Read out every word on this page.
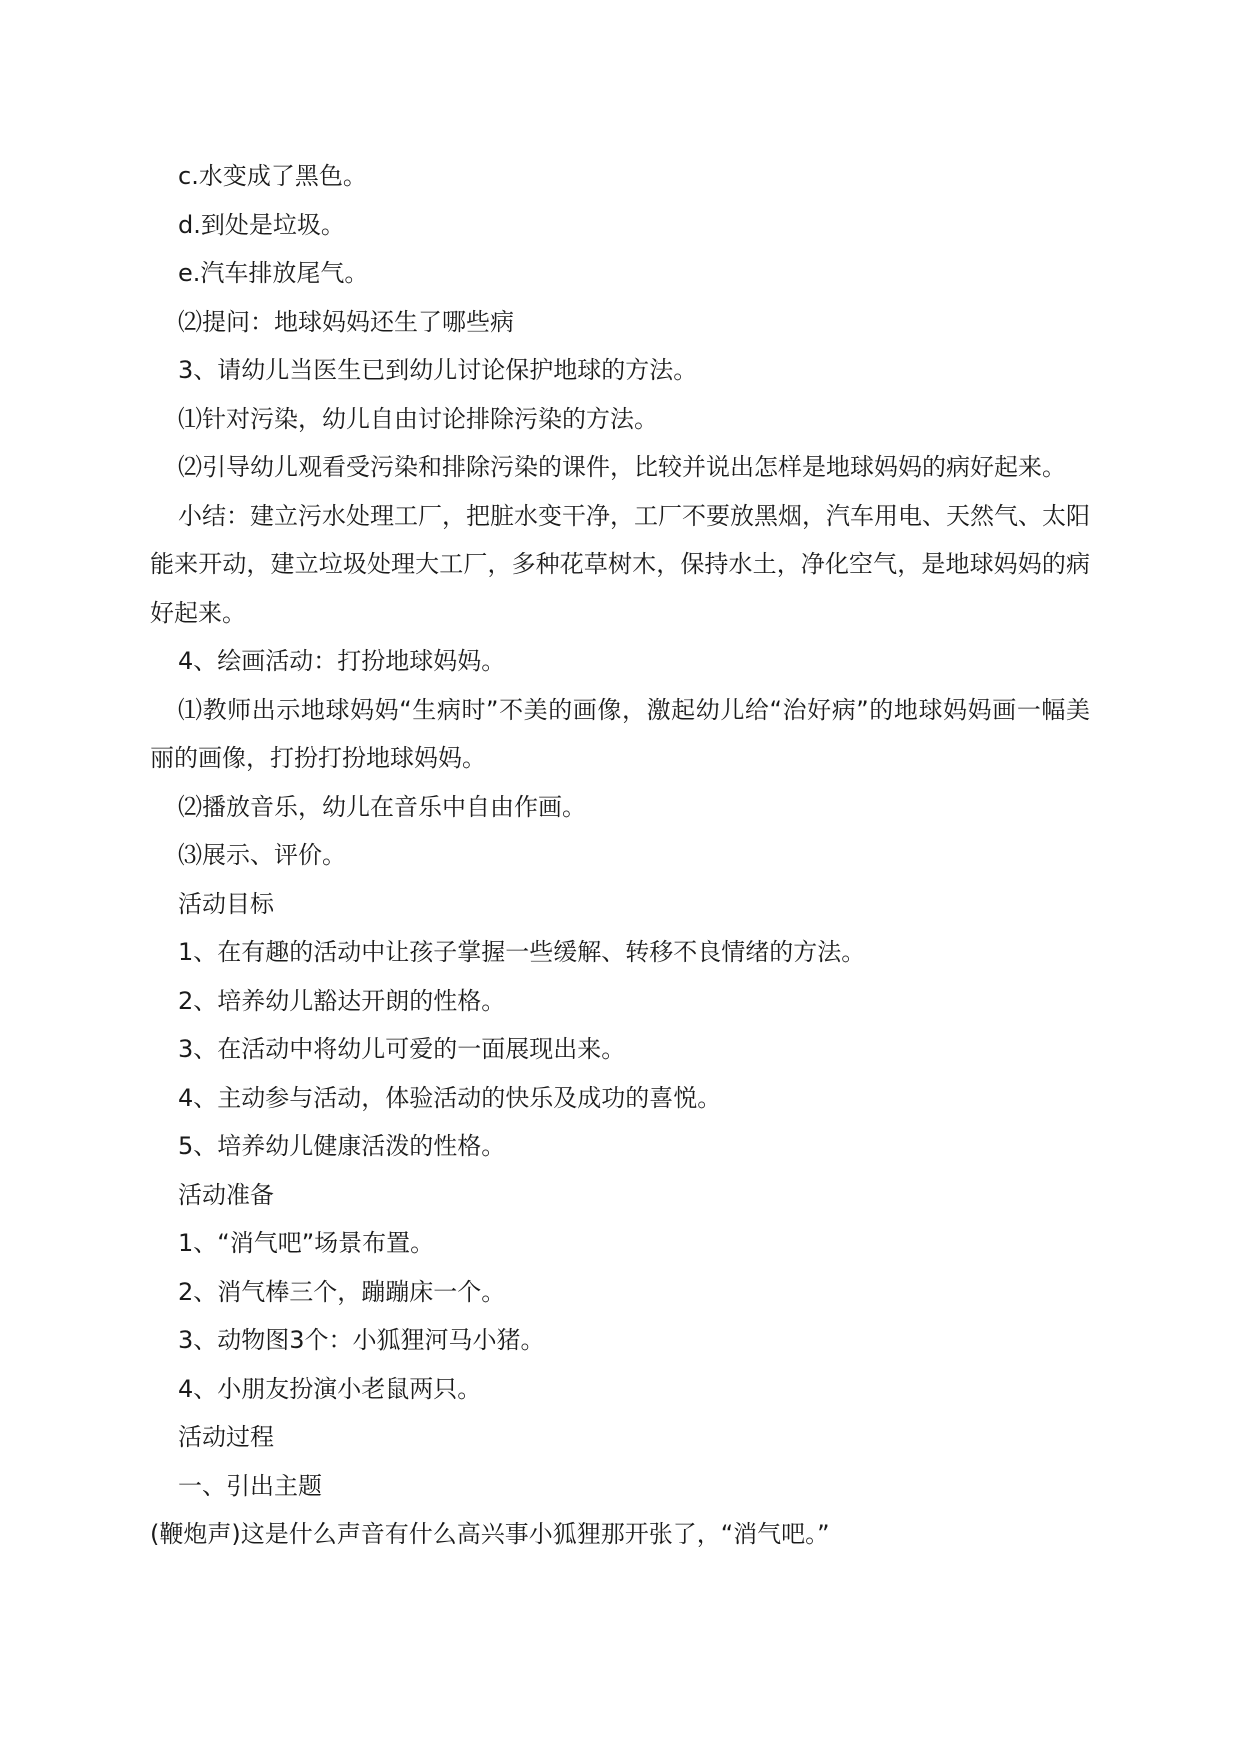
c.水变成了黑色。

d.到处是垃圾。

e.汽车排放尾气。

⑵提问：地球妈妈还生了哪些病

3、请幼儿当医生已到幼儿讨论保护地球的方法。

⑴针对污染，幼儿自由讨论排除污染的方法。

⑵引导幼儿观看受污染和排除污染的课件，比较并说出怎样是地球妈妈的病好起来。

小结：建立污水处理工厂，把脏水变干净，工厂不要放黑烟，汽车用电、天然气、太阳能来开动，建立垃圾处理大工厂，多种花草树木，保持水土，净化空气，是地球妈妈的病好起来。

4、绘画活动：打扮地球妈妈。

⑴教师出示地球妈妈“生病时”不美的画像，激起幼儿给“治好病”的地球妈妈画一幅美丽的画像，打扮打扮地球妈妈。

⑵播放音乐，幼儿在音乐中自由作画。

⑶展示、评价。

活动目标

1、在有趣的活动中让孩子掌握一些缓解、转移不良情绪的方法。

2、培养幼儿豁达开朗的性格。

3、在活动中将幼儿可爱的一面展现出来。

4、主动参与活动，体验活动的快乐及成功的喜悦。

5、培养幼儿健康活泼的性格。

活动准备

1、“消气吧”场景布置。

2、消气棒三个，蹦蹦床一个。

3、动物图3个：小狐狸河马小猪。

4、小朋友扮演小老鼠两只。

活动过程

一、引出主题

(鞭炮声)这是什么声音有什么高兴事小狐狸那开张了，“消气吧。”
